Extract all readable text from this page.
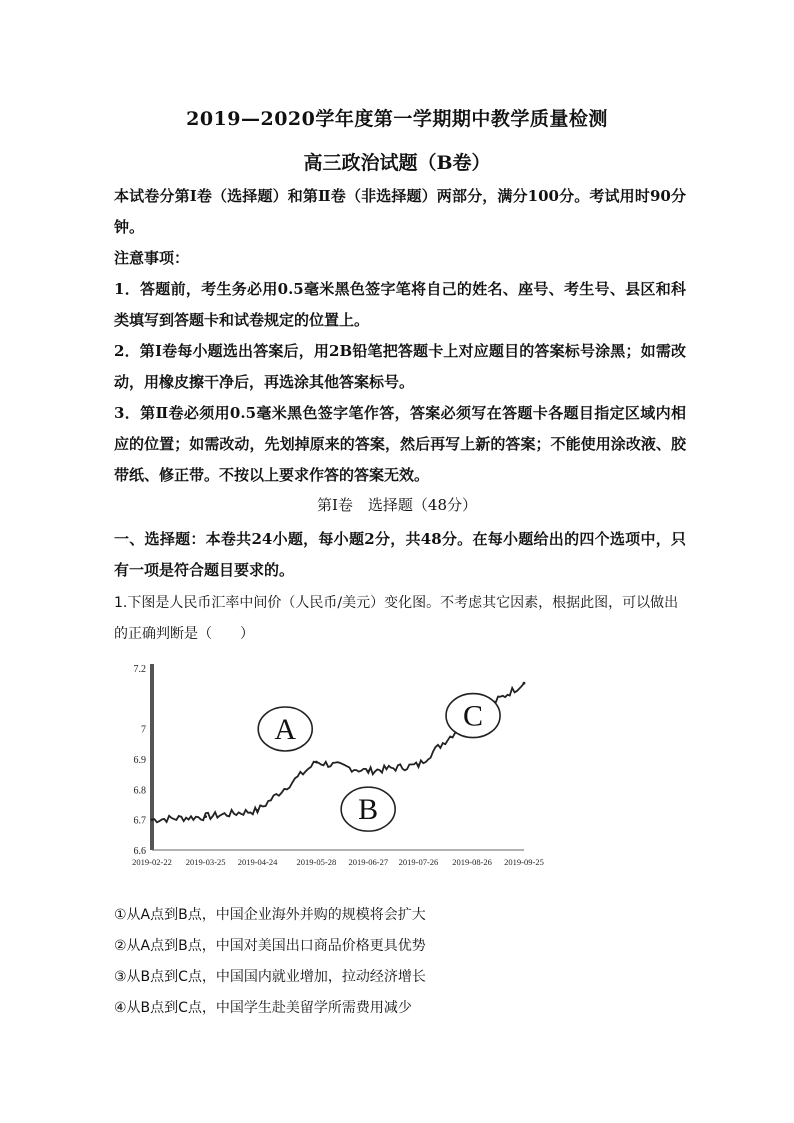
2019—2020学年度第一学期期中教学质量检测
高三政治试题（B卷）
本试卷分第Ⅰ卷（选择题）和第Ⅱ卷（非选择题）两部分，满分100分。考试用时90分钟。
注意事项：
1．答题前，考生务必用0.5毫米黑色签字笔将自己的姓名、座号、考生号、县区和科类填写到答题卡和试卷规定的位置上。
2．第Ⅰ卷每小题选出答案后，用2B铅笔把答题卡上对应题目的答案标号涂黑；如需改动，用橡皮擦干净后，再选涂其他答案标号。
3．第Ⅱ卷必须用0.5毫米黑色签字笔作答，答案必须写在答题卡各题目指定区域内相应的位置；如需改动，先划掉原来的答案，然后再写上新的答案；不能使用涂改液、胶带纸、修正带。不按以上要求作答的答案无效。
第Ⅰ卷　选择题（48分）
一、选择题：本卷共24小题，每小题2分，共48分。在每小题给出的四个选项中，只有一项是符合题目要求的。
1.下图是人民币汇率中间价（人民币/美元）变化图。不考虑其它因素，根据此图，可以做出的正确判断是（　　）
7.2
7
6.9
6.8
6.7
6.6
2019-02-22 2019-03-25 2019-04-24 2019-05-28 2019-06-27 2019-07-26 2019-08-26 2019-09-25
A
B
C
①从A点到B点，中国企业海外并购的规模将会扩大
②从A点到B点，中国对美国出口商品价格更具优势
③从B点到C点，中国国内就业增加，拉动经济增长
④从B点到C点，中国学生赴美留学所需费用减少
